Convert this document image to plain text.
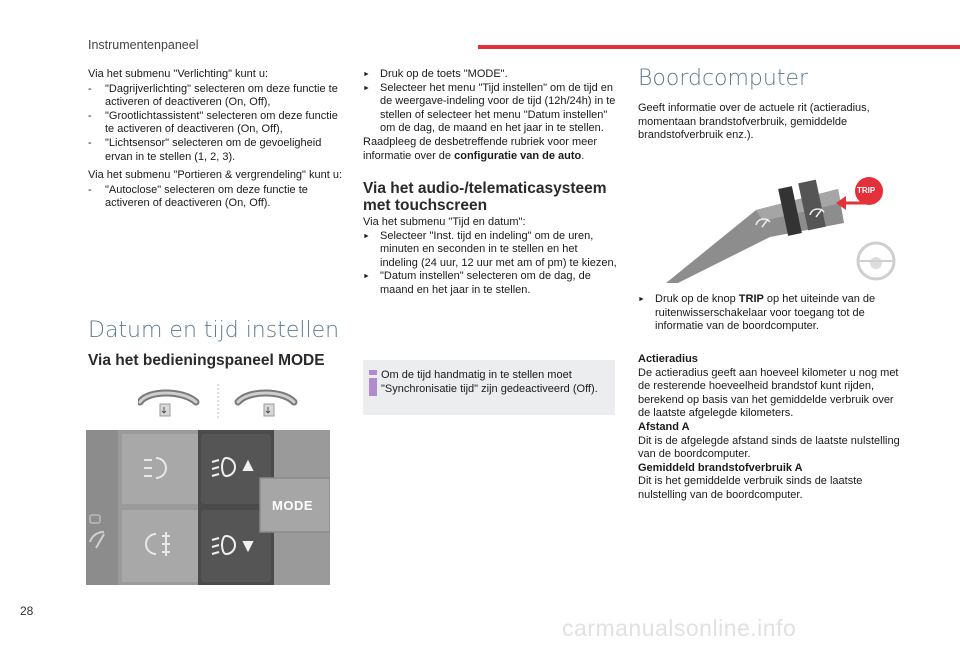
Instrumentenpaneel

Via het submenu "Verlichting" kunt u:

- "Dagrijverlichting" selecteren om deze functie te activeren of deactiveren (On, Off),
- "Grootlichtassistent" selecteren om deze functie te activeren of deactiveren (On, Off),
- "Lichtsensor" selecteren om de gevoeligheid ervan in te stellen (1, 2, 3).

Via het submenu "Portieren & vergrendeling" kunt u:

- "Autoclose" selecteren om deze functie te activeren of deactiveren (On, Off).
Datum en tijd instellen
Via het bedieningspaneel MODE
MODE
► Druk op de toets "MODE".
► Selecteer het menu "Tijd instellen" om de tijd en de weergave-indeling voor de tijd (12h/24h) in te stellen of selecteer het menu "Datum instellen" om de dag, de maand en het jaar in te stellen.

Raadpleeg de desbetreffende rubriek voor meer informatie over de configuratie van de auto.

Via het audio-/telematicasysteem met touchscreen

Via het submenu "Tijd en datum":

► Selecteer "Inst. tijd en indeling" om de uren, minuten en seconden in te stellen en het indeling (24 uur, 12 uur met am of pm) te kiezen,
► "Datum instellen" selecteren om de dag, de maand en het jaar in te stellen.
Om de tijd handmatig in te stellen moet "Synchronisatie tijd" zijn gedeactiveerd (Off).
Boordcomputer
Geeft informatie over de actuele rit (actieradius, momentaan brandstofverbruik, gemiddelde brandstofverbruik enz.).
TRIP
► Druk op de knop TRIP op het uiteinde van de ruitenwisserschakelaar voor toegang tot de informatie van de boordcomputer.
Actieradius
De actieradius geeft aan hoeveel kilometer u nog met de resterende hoeveelheid brandstof kunt rijden, berekend op basis van het gemiddelde verbruik over de laatste afgelegde kilometers.
Afstand A
Dit is de afgelegde afstand sinds de laatste nulstelling van de boordcomputer.
Gemiddeld brandstofverbruik A
Dit is het gemiddelde verbruik sinds de laatste nulstelling van de boordcomputer.
28
carmanualsonline.info
